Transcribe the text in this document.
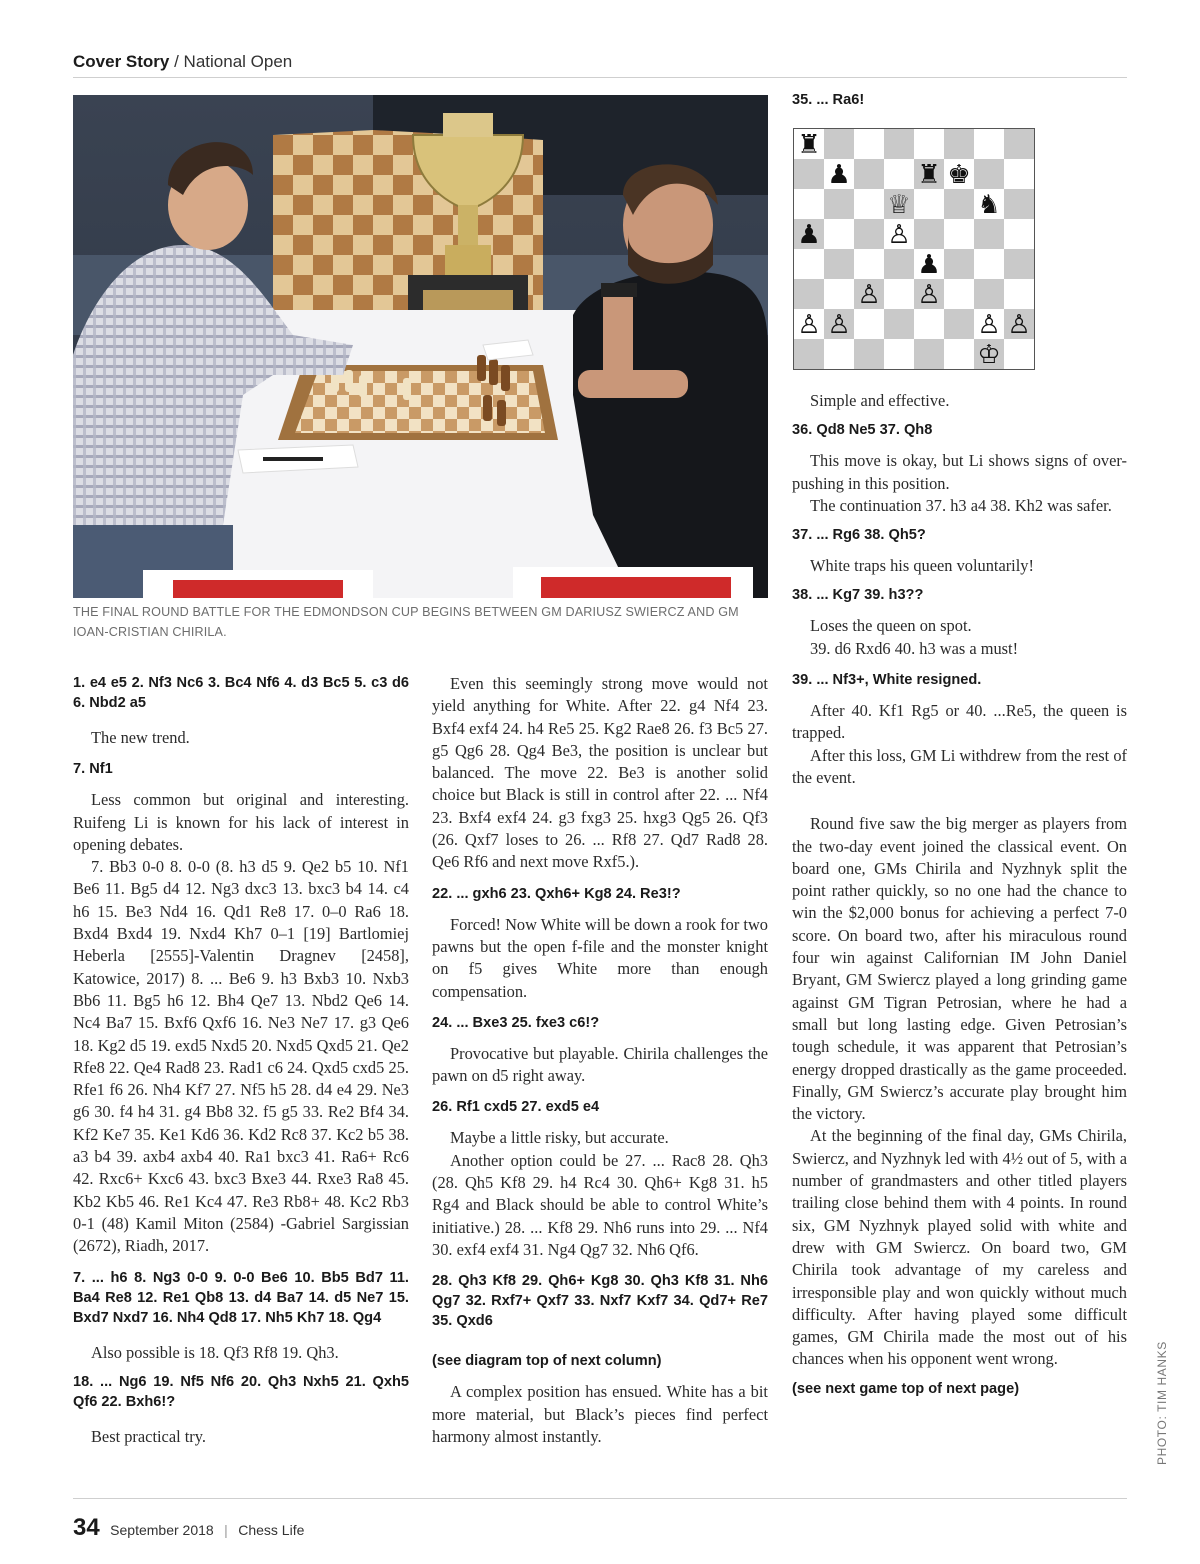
Cover Story / National Open
THE FINAL ROUND BATTLE FOR THE EDMONDSON CUP BEGINS BETWEEN GM DARIUSZ SWIERCZ AND GM IOAN-CRISTIAN CHIRILA.

1. e4 e5 2. Nf3 Nc6 3. Bc4 Nf6 4. d3 Bc5 5. c3 d6 6. Nbd2 a5

The new trend.

7. Nf1

Less common but original and interesting. Ruifeng Li is known for his lack of interest in opening debates.

7. Bb3 0-0 8. 0-0 (8. h3 d5 9. Qe2 b5 10. Nf1 Be6 11. Bg5 d4 12. Ng3 dxc3 13. bxc3 b4 14. c4 h6 15. Be3 Nd4 16. Qd1 Re8 17. 0–0 Ra6 18. Bxd4 Bxd4 19. Nxd4 Kh7 0–1 [19] Bartlomiej Heberla [2555]-Valentin Dragnev [2458], Katowice, 2017) 8. ... Be6 9. h3 Bxb3 10. Nxb3 Bb6 11. Bg5 h6 12. Bh4 Qe7 13. Nbd2 Qe6 14. Nc4 Ba7 15. Bxf6 Qxf6 16. Ne3 Ne7 17. g3 Qe6 18. Kg2 d5 19. exd5 Nxd5 20. Nxd5 Qxd5 21. Qe2 Rfe8 22. Qe4 Rad8 23. Rad1 c6 24. Qxd5 cxd5 25. Rfe1 f6 26. Nh4 Kf7 27. Nf5 h5 28. d4 e4 29. Ne3 g6 30. f4 h4 31. g4 Bb8 32. f5 g5 33. Re2 Bf4 34. Kf2 Ke7 35. Ke1 Kd6 36. Kd2 Rc8 37. Kc2 b5 38. a3 b4 39. axb4 axb4 40. Ra1 bxc3 41. Ra6+ Rc6 42. Rxc6+ Kxc6 43. bxc3 Bxe3 44. Rxe3 Ra8 45. Kb2 Kb5 46. Re1 Kc4 47. Re3 Rb8+ 48. Kc2 Rb3 0-1 (48) Kamil Miton (2584) -Gabriel Sargissian (2672), Riadh, 2017.

7. ... h6 8. Ng3 0-0 9. 0-0 Be6 10. Bb5 Bd7 11. Ba4 Re8 12. Re1 Qb8 13. d4 Ba7 14. d5 Ne7 15. Bxd7 Nxd7 16. Nh4 Qd8 17. Nh5 Kh7 18. Qg4

Also possible is 18. Qf3 Rf8 19. Qh3.

18. ... Ng6 19. Nf5 Nf6 20. Qh3 Nxh5 21. Qxh5 Qf6 22. Bxh6!?

Best practical try.

Even this seemingly strong move would not yield anything for White. After 22. g4 Nf4 23. Bxf4 exf4 24. h4 Re5 25. Kg2 Rae8 26. f3 Bc5 27. g5 Qg6 28. Qg4 Be3, the position is unclear but balanced. The move 22. Be3 is another solid choice but Black is still in control after 22. ... Nf4 23. Bxf4 exf4 24. g3 fxg3 25. hxg3 Qg5 26. Qf3 (26. Qxf7 loses to 26. ... Rf8 27. Qd7 Rad8 28. Qe6 Rf6 and next move Rxf5.).

22. ... gxh6 23. Qxh6+ Kg8 24. Re3!?

Forced! Now White will be down a rook for two pawns but the open f-file and the monster knight on f5 gives White more than enough compensation.

24. ... Bxe3 25. fxe3 c6!?

Provocative but playable. Chirila challenges the pawn on d5 right away.

26. Rf1 cxd5 27. exd5 e4

Maybe a little risky, but accurate.

Another option could be 27. ... Rac8 28. Qh3 (28. Qh5 Kf8 29. h4 Rc4 30. Qh6+ Kg8 31. h5 Rg4 and Black should be able to control White’s initiative.) 28. ... Kf8 29. Nh6 runs into 29. ... Nf4 30. exf4 exf4 31. Ng4 Qg7 32. Nh6 Qf6.

28. Qh3 Kf8 29. Qh6+ Kg8 30. Qh3 Kf8 31. Nh6 Qg7 32. Rxf7+ Qxf7 33. Nxf7 Kxf7 34. Qd7+ Re7 35. Qxd6

(see diagram top of next column)

A complex position has ensued. White has a bit more material, but Black’s pieces find perfect harmony almost instantly.

35. ... Ra6!

Simple and effective.

36. Qd8 Ne5 37. Qh8

This move is okay, but Li shows signs of over-pushing in this position.

The continuation 37. h3 a4 38. Kh2 was safer.

37. ... Rg6 38. Qh5?

White traps his queen voluntarily!

38. ... Kg7 39. h3??

Loses the queen on spot.

39. d6 Rxd6 40. h3 was a must!

39. ... Nf3+, White resigned.

After 40. Kf1 Rg5 or 40. ...Re5, the queen is trapped.

After this loss, GM Li withdrew from the rest of the event.

Round five saw the big merger as players from the two-day event joined the classical event. On board one, GMs Chirila and Nyzhnyk split the point rather quickly, so no one had the chance to win the $2,000 bonus for achieving a perfect 7-0 score. On board two, after his miraculous round four win against Californian IM John Daniel Bryant, GM Swiercz played a long grinding game against GM Tigran Petrosian, where he had a small but long lasting edge. Given Petrosian’s tough schedule, it was apparent that Petrosian’s energy dropped drastically as the game proceeded. Finally, GM Swiercz’s accurate play brought him the victory.

At the beginning of the final day, GMs Chirila, Swiercz, and Nyzhnyk led with 4½ out of 5, with a number of grandmasters and other titled players trailing close behind them with 4 points. In round six, GM Nyzhnyk played solid with white and drew with GM Swiercz. On board two, GM Chirila took advantage of my careless and irresponsible play and won quickly without much difficulty. After having played some difficult games, GM Chirila made the most out of his chances when his opponent went wrong.

(see next game top of next page)

♜
♟	♜ ♚
♕	♞
♟	♙
♟
♙ ♙
♙ ♙	♙ ♙
♔
PHOTO: TIM HANKS
34 September 2018 | Chess Life
